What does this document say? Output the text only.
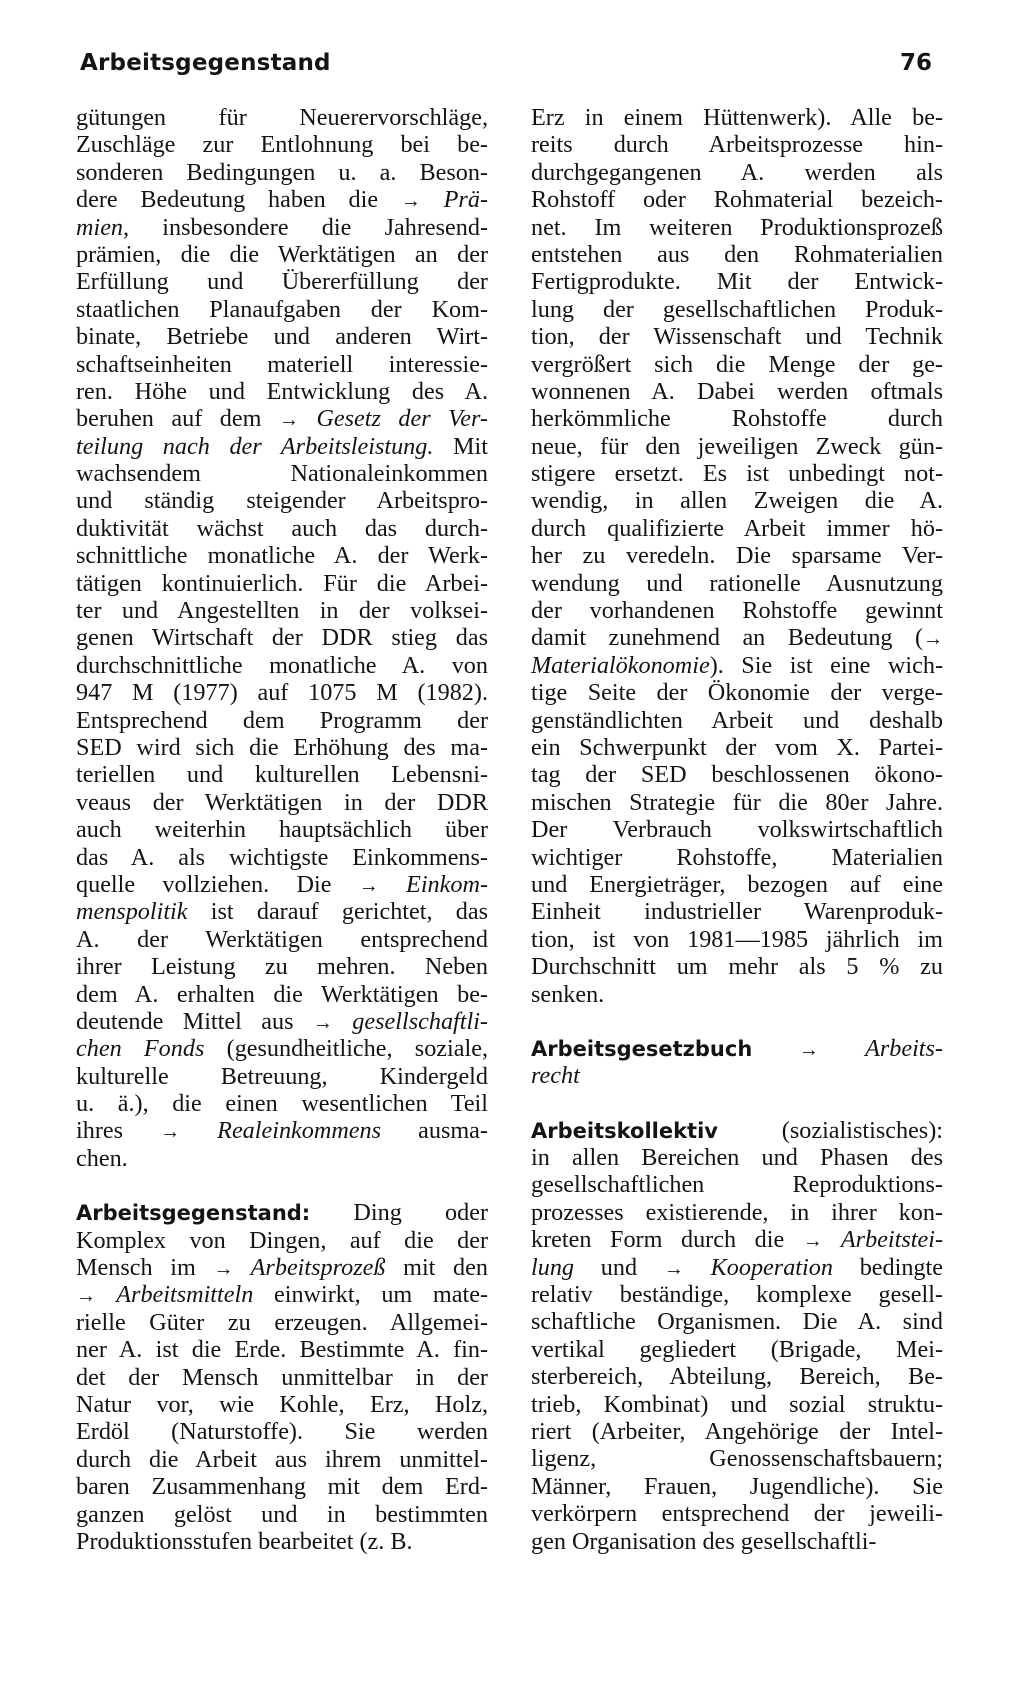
Arbeitsgegenstand	76
gütungen für Neuerervorschläge,
Zuschläge zur Entlohnung bei be-
sonderen Bedingungen u. a. Beson-
dere Bedeutung haben die → Prä-
mien, insbesondere die Jahresend-
prämien, die die Werktätigen an der
Erfüllung und Übererfüllung der
staatlichen Planaufgaben der Kom-
binate, Betriebe und anderen Wirt-
schaftseinheiten materiell interessie-
ren. Höhe und Entwicklung des A.
beruhen auf dem → Gesetz der Ver-
teilung nach der Arbeitsleistung. Mit
wachsendem Nationaleinkommen
und ständig steigender Arbeitspro-
duktivität wächst auch das durch-
schnittliche monatliche A. der Werk-
tätigen kontinuierlich. Für die Arbei-
ter und Angestellten in der volksei-
genen Wirtschaft der DDR stieg das
durchschnittliche monatliche A. von
947 M (1977) auf 1075 M (1982).
Entsprechend dem Programm der
SED wird sich die Erhöhung des ma-
teriellen und kulturellen Lebensni-
veaus der Werktätigen in der DDR
auch weiterhin hauptsächlich über
das A. als wichtigste Einkommens-
quelle vollziehen. Die → Einkom-
menspolitik ist darauf gerichtet, das
A. der Werktätigen entsprechend
ihrer Leistung zu mehren. Neben
dem A. erhalten die Werktätigen be-
deutende Mittel aus → gesellschaftli-
chen Fonds (gesundheitliche, soziale,
kulturelle Betreuung, Kindergeld
u. ä.), die einen wesentlichen Teil
ihres → Realeinkommens ausma-
chen.
Arbeitsgegenstand: Ding oder
Komplex von Dingen, auf die der
Mensch im → Arbeitsprozeß mit den
→ Arbeitsmitteln einwirkt, um mate-
rielle Güter zu erzeugen. Allgemei-
ner A. ist die Erde. Bestimmte A. fin-
det der Mensch unmittelbar in der
Natur vor, wie Kohle, Erz, Holz,
Erdöl (Naturstoffe). Sie werden
durch die Arbeit aus ihrem unmittel-
baren Zusammenhang mit dem Erd-
ganzen gelöst und in bestimmten
Produktionsstufen bearbeitet (z. B.
Erz in einem Hüttenwerk). Alle be-
reits durch Arbeitsprozesse hin-
durchgegangenen A. werden als
Rohstoff oder Rohmaterial bezeich-
net. Im weiteren Produktionsprozeß
entstehen aus den Rohmaterialien
Fertigprodukte. Mit der Entwick-
lung der gesellschaftlichen Produk-
tion, der Wissenschaft und Technik
vergrößert sich die Menge der ge-
wonnenen A. Dabei werden oftmals
herkömmliche Rohstoffe durch
neue, für den jeweiligen Zweck gün-
stigere ersetzt. Es ist unbedingt not-
wendig, in allen Zweigen die A.
durch qualifizierte Arbeit immer hö-
her zu veredeln. Die sparsame Ver-
wendung und rationelle Ausnutzung
der vorhandenen Rohstoffe gewinnt
damit zunehmend an Bedeutung (→
Materialökonomie). Sie ist eine wich-
tige Seite der Ökonomie der verge-
genständlichten Arbeit und deshalb
ein Schwerpunkt der vom X. Partei-
tag der SED beschlossenen ökono-
mischen Strategie für die 80er Jahre.
Der Verbrauch volkswirtschaftlich
wichtiger Rohstoffe, Materialien
und Energieträger, bezogen auf eine
Einheit industrieller Warenproduk-
tion, ist von 1981—1985 jährlich im
Durchschnitt um mehr als 5 % zu
senken.
Arbeitsgesetzbuch → Arbeits-
recht
Arbeitskollektiv (sozialistisches):
in allen Bereichen und Phasen des
gesellschaftlichen Reproduktions-
prozesses existierende, in ihrer kon-
kreten Form durch die → Arbeitstei-
lung und → Kooperation bedingte
relativ beständige, komplexe gesell-
schaftliche Organismen. Die A. sind
vertikal gegliedert (Brigade, Mei-
sterbereich, Abteilung, Bereich, Be-
trieb, Kombinat) und sozial struktu-
riert (Arbeiter, Angehörige der Intel-
ligenz, Genossenschaftsbauern;
Männer, Frauen, Jugendliche). Sie
verkörpern entsprechend der jeweili-
gen Organisation des gesellschaftli-
